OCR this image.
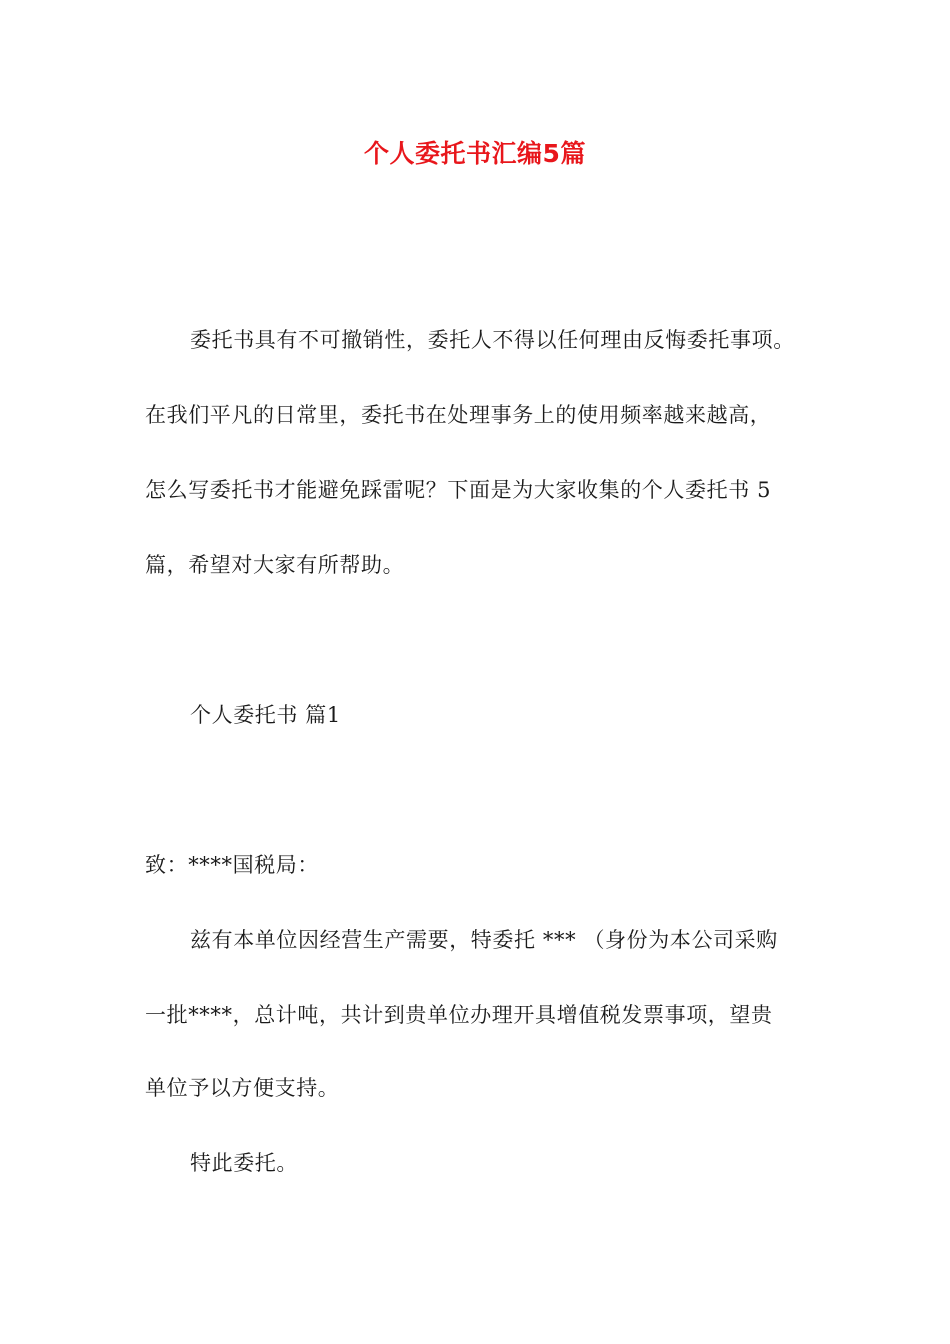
个人委托书汇编5篇
委托书具有不可撤销性，委托人不得以任何理由反悔委托事项。
在我们平凡的日常里，委托书在处理事务上的使用频率越来越高，
怎么写委托书才能避免踩雷呢？下面是为大家收集的个人委托书 5
篇，希望对大家有所帮助。
个人委托书 篇1
致：****国税局：
兹有本单位因经营生产需要，特委托 *** （身份为本公司采购
一批****，总计吨，共计到贵单位办理开具增值税发票事项，望贵
单位予以方便支持。
特此委托。
